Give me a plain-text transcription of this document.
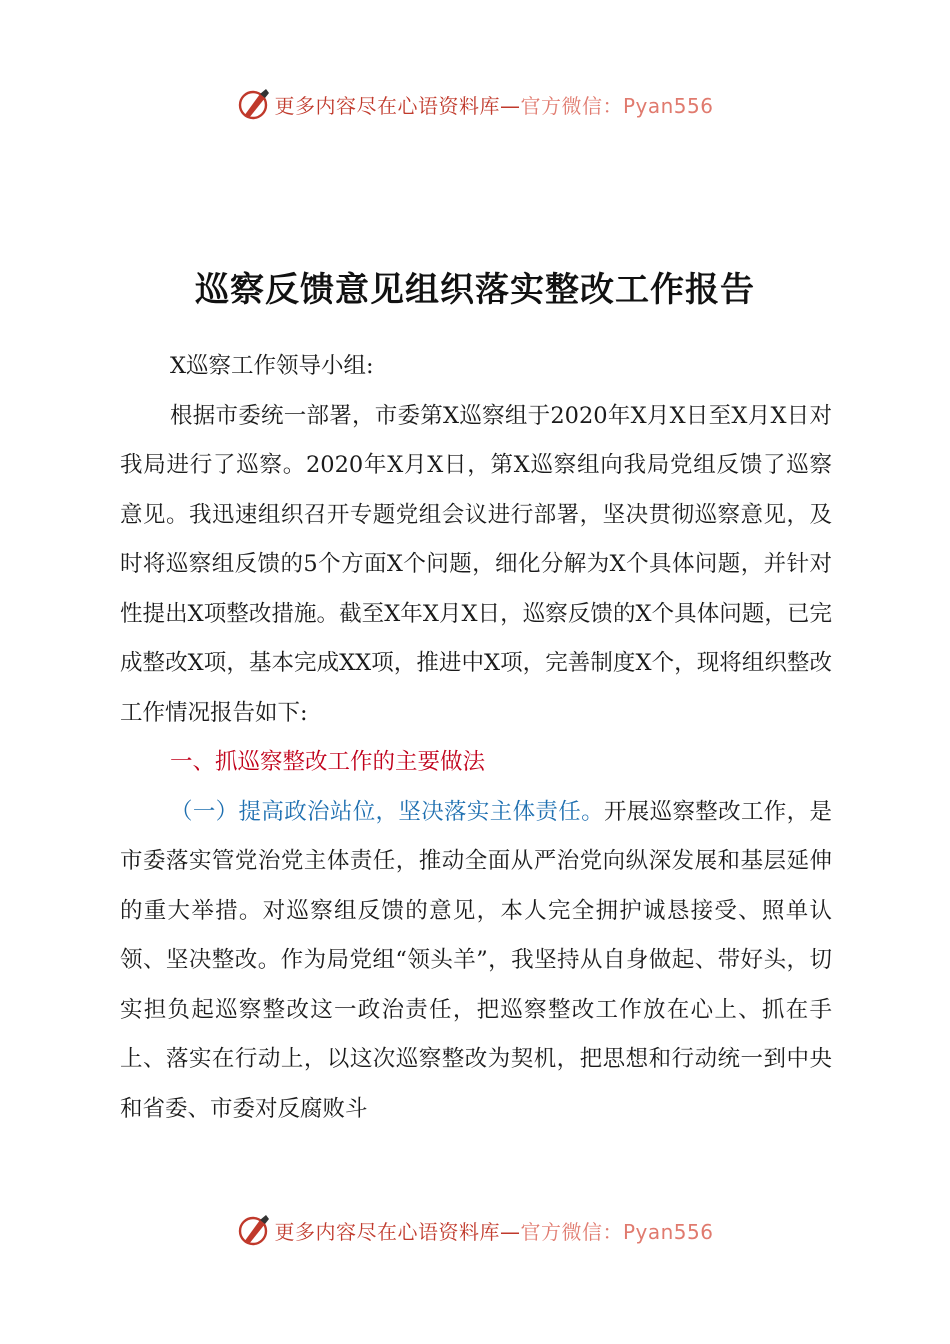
更多内容尽在心语资料库—官方微信：Pyan556
巡察反馈意见组织落实整改工作报告

X巡察工作领导小组:

根据市委统一部署，市委第X巡察组于2020年X月X日至X月X日对我局进行了巡察。2020年X月X日，第X巡察组向我局党组反馈了巡察意见。我迅速组织召开专题党组会议进行部署，坚决贯彻巡察意见，及时将巡察组反馈的5个方面X个问题，细化分解为X个具体问题，并针对性提出X项整改措施。截至X年X月X日，巡察反馈的X个具体问题，已完成整改X项，基本完成XX项，推进中X项，完善制度X个，现将组织整改工作情况报告如下:

一、抓巡察整改工作的主要做法

（一）提高政治站位，坚决落实主体责任。开展巡察整改工作，是市委落实管党治党主体责任，推动全面从严治党向纵深发展和基层延伸的重大举措。对巡察组反馈的意见，本人完全拥护诚恳接受、照单认领、坚决整改。作为局党组“领头羊”，我坚持从自身做起、带好头，切实担负起巡察整改这一政治责任，把巡察整改工作放在心上、抓在手上、落实在行动上，以这次巡察整改为契机，把思想和行动统一到中央和省委、市委对反腐败斗

更多内容尽在心语资料库—官方微信：Pyan556
